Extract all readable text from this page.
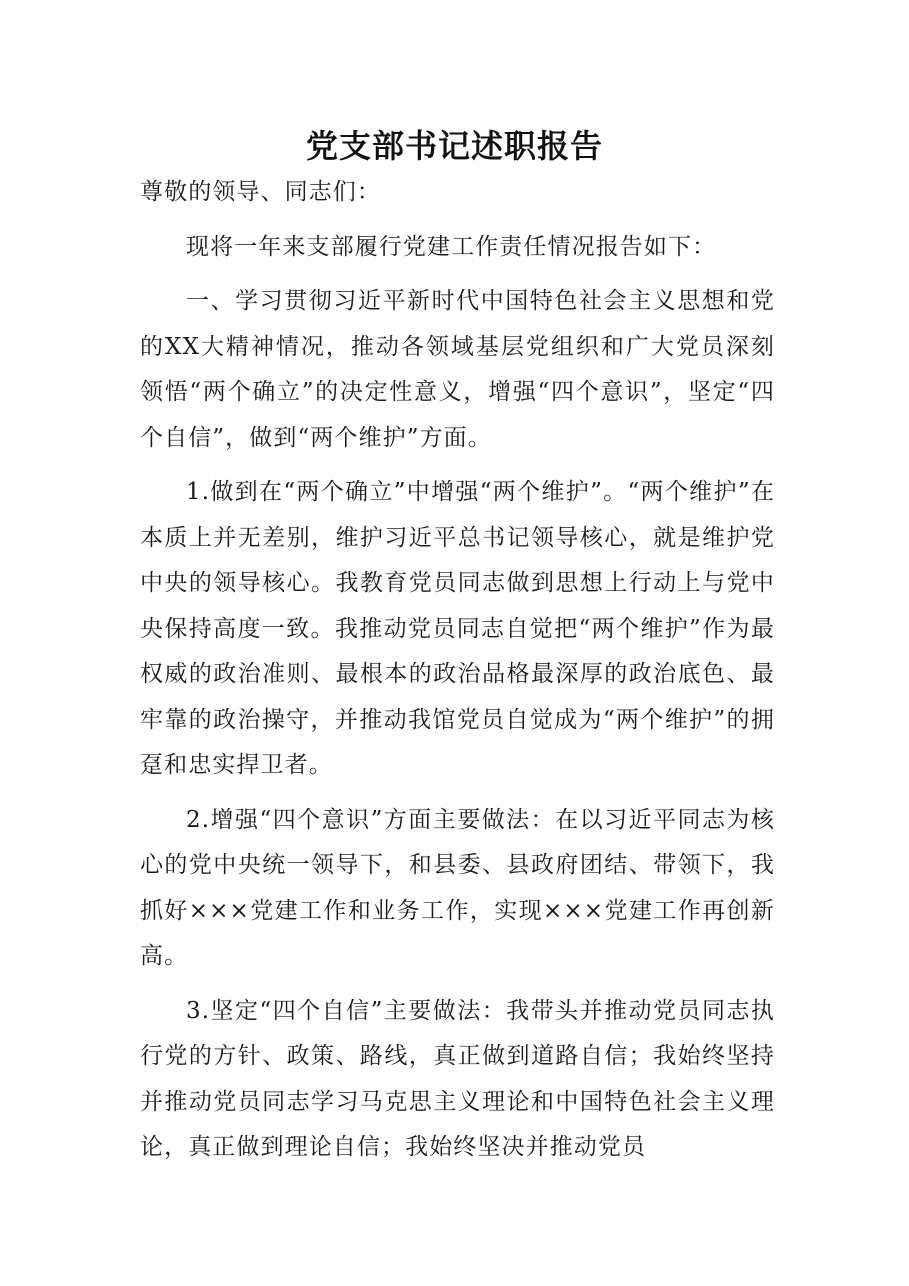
党支部书记述职报告

尊敬的领导、同志们：

现将一年来支部履行党建工作责任情况报告如下：

一、学习贯彻习近平新时代中国特色社会主义思想和党的XX大精神情况，推动各领域基层党组织和广大党员深刻领悟“两个确立”的决定性意义，增强“四个意识”，坚定“四个自信”，做到“两个维护”方面。

1.做到在“两个确立”中增强“两个维护”。“两个维护”在本质上并无差别，维护习近平总书记领导核心，就是维护党中央的领导核心。我教育党员同志做到思想上行动上与党中央保持高度一致。我推动党员同志自觉把“两个维护”作为最权威的政治准则、最根本的政治品格最深厚的政治底色、最牢靠的政治操守，并推动我馆党员自觉成为“两个维护”的拥趸和忠实捍卫者。

2.增强“四个意识”方面主要做法：在以习近平同志为核心的党中央统一领导下，和县委、县政府团结、带领下，我抓好×××党建工作和业务工作，实现×××党建工作再创新高。

3.坚定“四个自信”主要做法：我带头并推动党员同志执行党的方针、政策、路线，真正做到道路自信；我始终坚持并推动党员同志学习马克思主义理论和中国特色社会主义理论，真正做到理论自信；我始终坚决并推动党员
